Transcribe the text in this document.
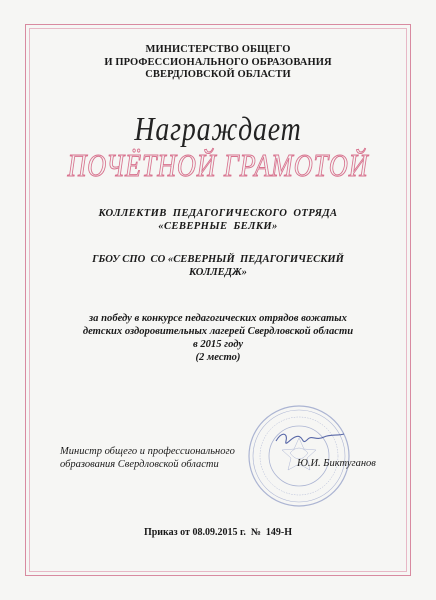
МИНИСТЕРСТВО ОБЩЕГО
И ПРОФЕССИОНАЛЬНОГО ОБРАЗОВАНИЯ
СВЕРДЛОВСКОЙ ОБЛАСТИ
Награждает
ПОЧЁТНОЙ ГРАМОТОЙ
КОЛЛЕКТИВ  ПЕДАГОГИЧЕСКОГО  ОТРЯДА
«СЕВЕРНЫЕ  БЕЛКИ»
ГБОУ СПО  СО «СЕВЕРНЫЙ  ПЕДАГОГИЧЕСКИЙ
КОЛЛЕДЖ»
за победу в конкурсе педагогических отрядов вожатых
детских оздоровительных лагерей Свердловской области
в 2015 году
(2 место)
Министр общего и профессионального
образования Свердловской области	Ю.И. Биктуганов
Приказ от 08.09.2015 г.  №  149-Н
